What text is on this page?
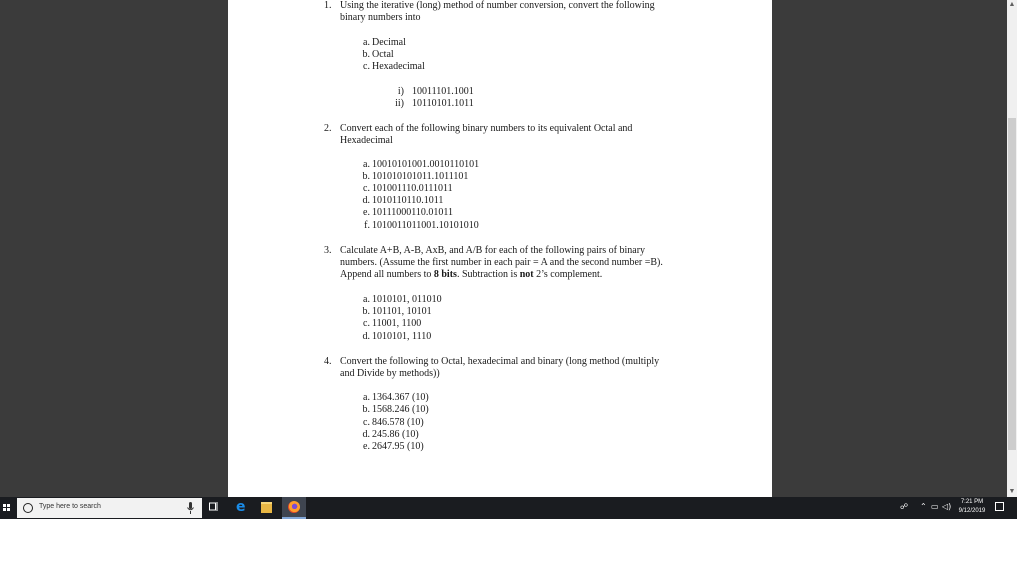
1. Using the iterative (long) method of number conversion, convert the following
binary numbers into
a. Decimal
b. Octal
c. Hexadecimal
i) 10011101.1001
ii) 10110101.1011
2. Convert each of the following binary numbers to its equivalent Octal and
Hexadecimal
a. 10010101001.0010110101
b. 101010101011.1011101
c. 101001110.0111011
d. 1010110110.1011
e. 10111000110.01011
f. 1010011011001.10101010
3. Calculate A+B, A-B, AxB, and A/B for each of the following pairs of binary
numbers. (Assume the first number in each pair = A and the second number =B).
Append all numbers to 8 bits. Subtraction is not 2’s complement.
a. 1010101, 011010
b. 101101, 10101
c. 11001, 1100
d. 1010101, 1110
4. Convert the following to Octal, hexadecimal and binary (long method (multiply
and Divide by methods))
a. 1364.367 (10)
b. 1568.246 (10)
c. 846.578 (10)
d. 245.86 (10)
e. 2647.95 (10)
▲
▼
Type here to search	e	☍ ⌃ ▭ ◁)	7:21 PM
9/12/2019
